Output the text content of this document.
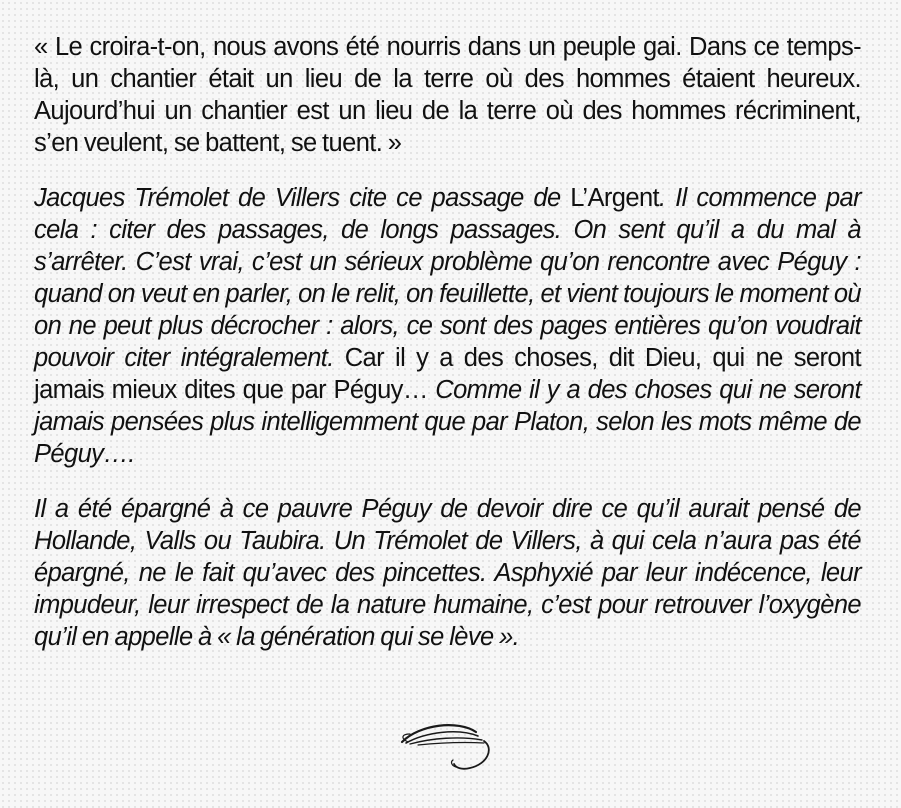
« Le croira-t-on, nous avons été nourris dans un peuple gai. Dans ce temps-là, un chantier était un lieu de la terre où des hommes étaient heureux. Aujourd’hui un chantier est un lieu de la terre où des hommes récriminent, s’en veulent, se battent, se tuent. »

Jacques Trémolet de Villers cite ce passage de L’Argent. Il commence par cela : citer des passages, de longs passages. On sent qu’il a du mal à s’arrêter. C’est vrai, c’est un sérieux problème qu’on rencontre avec Péguy : quand on veut en parler, on le relit, on feuillette, et vient toujours le moment où on ne peut plus décrocher : alors, ce sont des pages entières qu’on voudrait pouvoir citer intégralement. Car il y a des choses, dit Dieu, qui ne seront jamais mieux dites que par Péguy… Comme il y a des choses qui ne seront jamais pensées plus intelligemment que par Platon, selon les mots même de Péguy….

Il a été épargné à ce pauvre Péguy de devoir dire ce qu’il aurait pensé de Hollande, Valls ou Taubira. Un Trémolet de Villers, à qui cela n’aura pas été épargné, ne le fait qu’avec des pincettes. Asphyxié par leur indécence, leur impudeur, leur irrespect de la nature humaine, c’est pour retrouver l’oxygène qu’il en appelle à « la génération qui se lève ».
